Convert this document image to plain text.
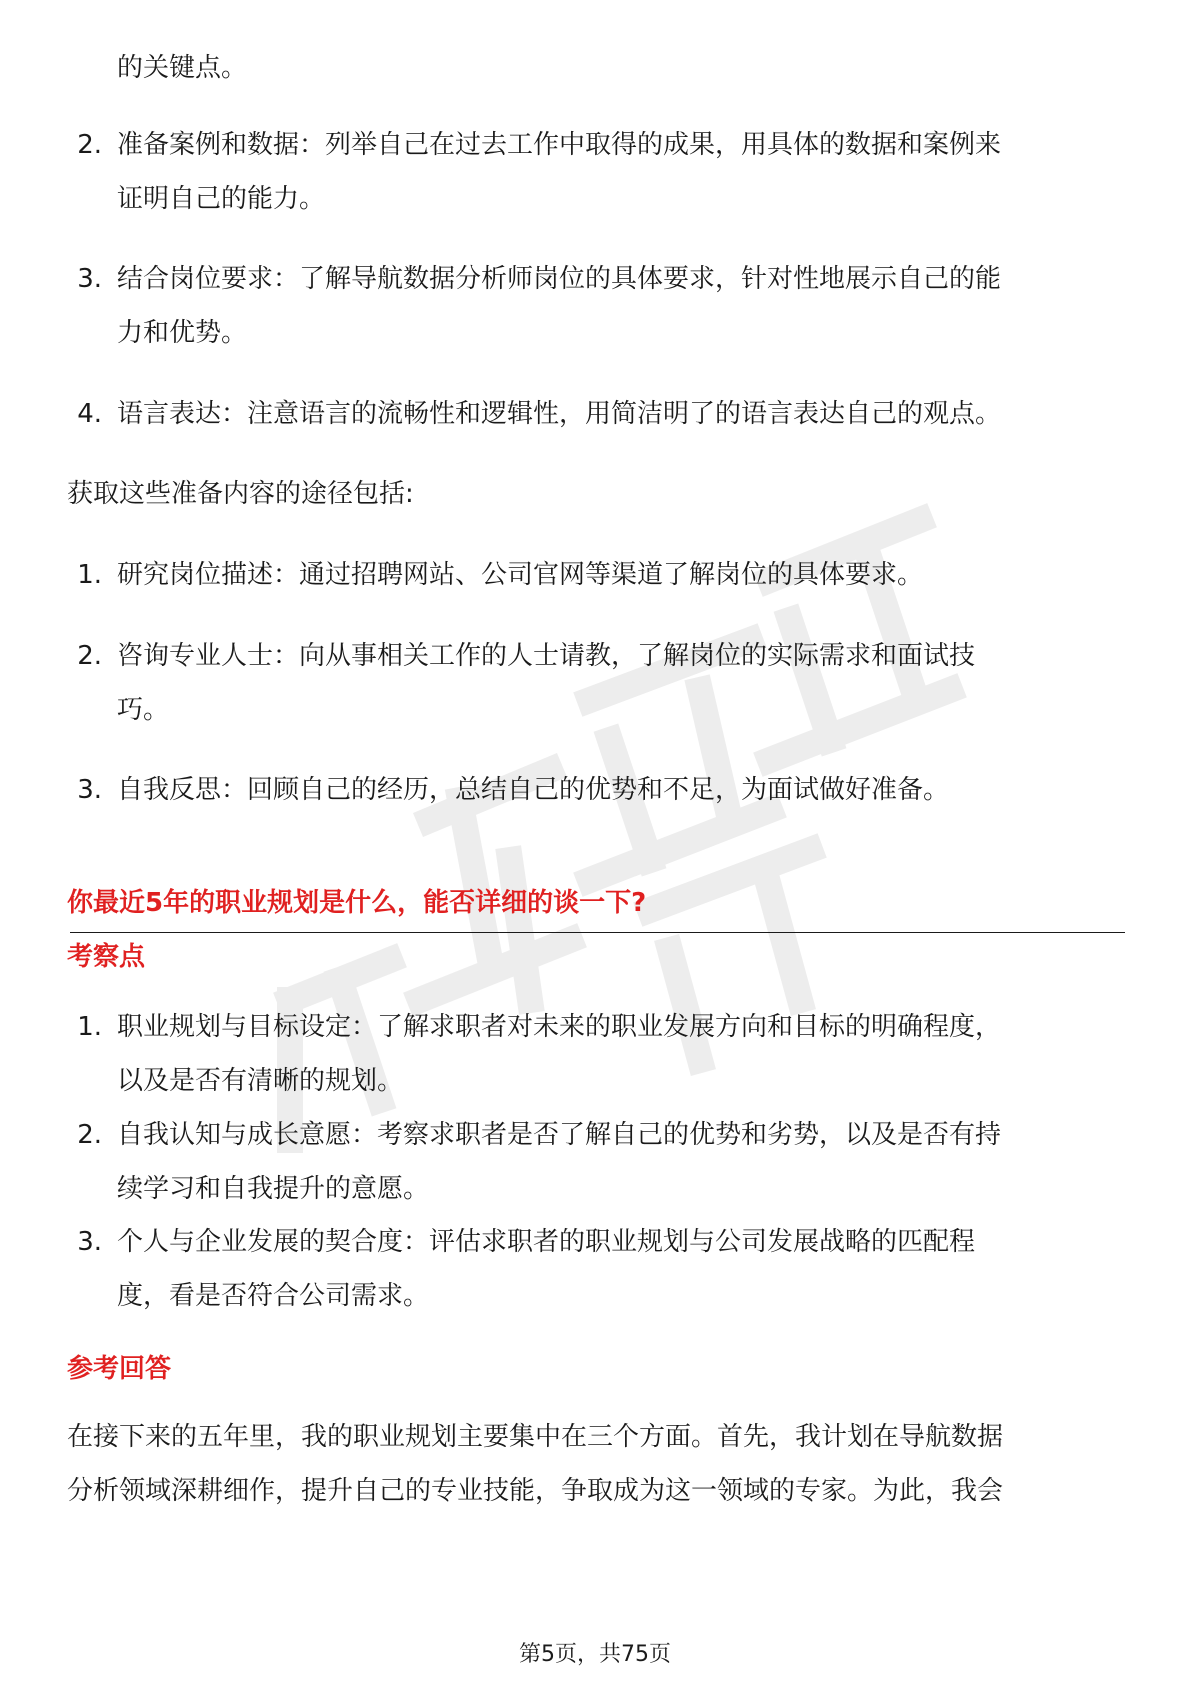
的关键点。
2. 准备案例和数据：列举自己在过去工作中取得的成果，用具体的数据和案例来
证明自己的能力。
3. 结合岗位要求：了解导航数据分析师岗位的具体要求，针对性地展示自己的能
力和优势。
4. 语言表达：注意语言的流畅性和逻辑性，用简洁明了的语言表达自己的观点。
获取这些准备内容的途径包括:
1. 研究岗位描述：通过招聘网站、公司官网等渠道了解岗位的具体要求。
2. 咨询专业人士：向从事相关工作的人士请教，了解岗位的实际需求和面试技
巧。
3. 自我反思：回顾自己的经历，总结自己的优势和不足，为面试做好准备。
你最近5年的职业规划是什么，能否详细的谈一下?
考察点
1. 职业规划与目标设定：了解求职者对未来的职业发展方向和目标的明确程度，
以及是否有清晰的规划。
2. 自我认知与成长意愿：考察求职者是否了解自己的优势和劣势，以及是否有持
续学习和自我提升的意愿。
3. 个人与企业发展的契合度：评估求职者的职业规划与公司发展战略的匹配程
度，看是否符合公司需求。
参考回答
在接下来的五年里，我的职业规划主要集中在三个方面。首先，我计划在导航数据
分析领域深耕细作，提升自己的专业技能，争取成为这一领域的专家。为此，我会
第5页，共75页
